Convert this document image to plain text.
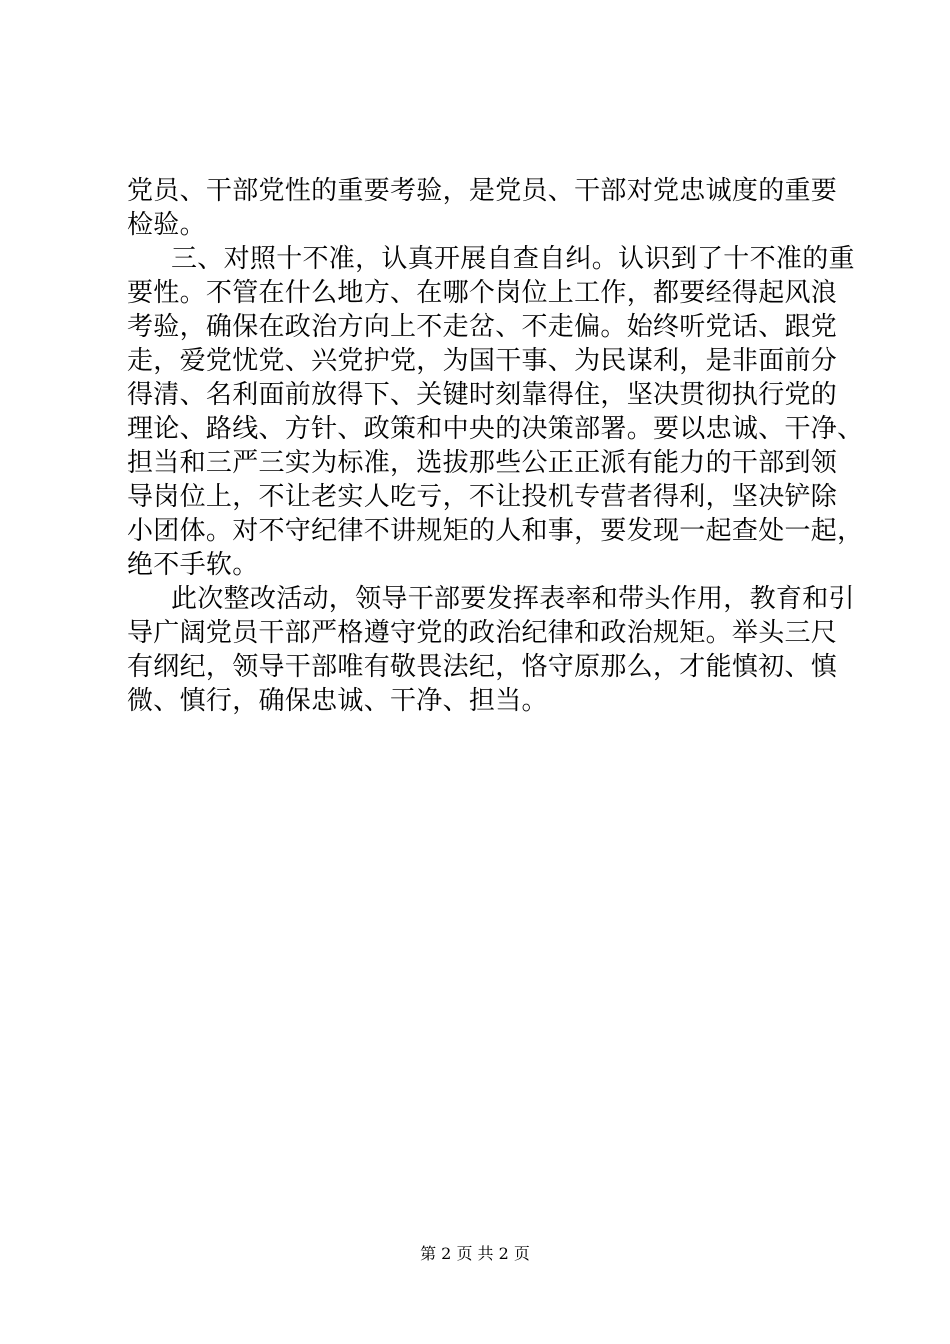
党员、干部党性的重要考验，是党员、干部对党忠诚度的重要
检验。
三、对照十不准，认真开展自查自纠。认识到了十不准的重
要性。不管在什么地方、在哪个岗位上工作，都要经得起风浪
考验，确保在政治方向上不走岔、不走偏。始终听党话、跟党
走，爱党忧党、兴党护党，为国干事、为民谋利，是非面前分
得清、名利面前放得下、关键时刻靠得住，坚决贯彻执行党的
理论、路线、方针、政策和中央的决策部署。要以忠诚、干净、
担当和三严三实为标准，选拔那些公正正派有能力的干部到领
导岗位上，不让老实人吃亏，不让投机专营者得利，坚决铲除
小团体。对不守纪律不讲规矩的人和事，要发现一起查处一起，
绝不手软。
此次整改活动，领导干部要发挥表率和带头作用，教育和引
导广阔党员干部严格遵守党的政治纪律和政治规矩。举头三尺
有纲纪，领导干部唯有敬畏法纪，恪守原那么，才能慎初、慎
微、慎行，确保忠诚、干净、担当。
第 2 页 共 2 页
